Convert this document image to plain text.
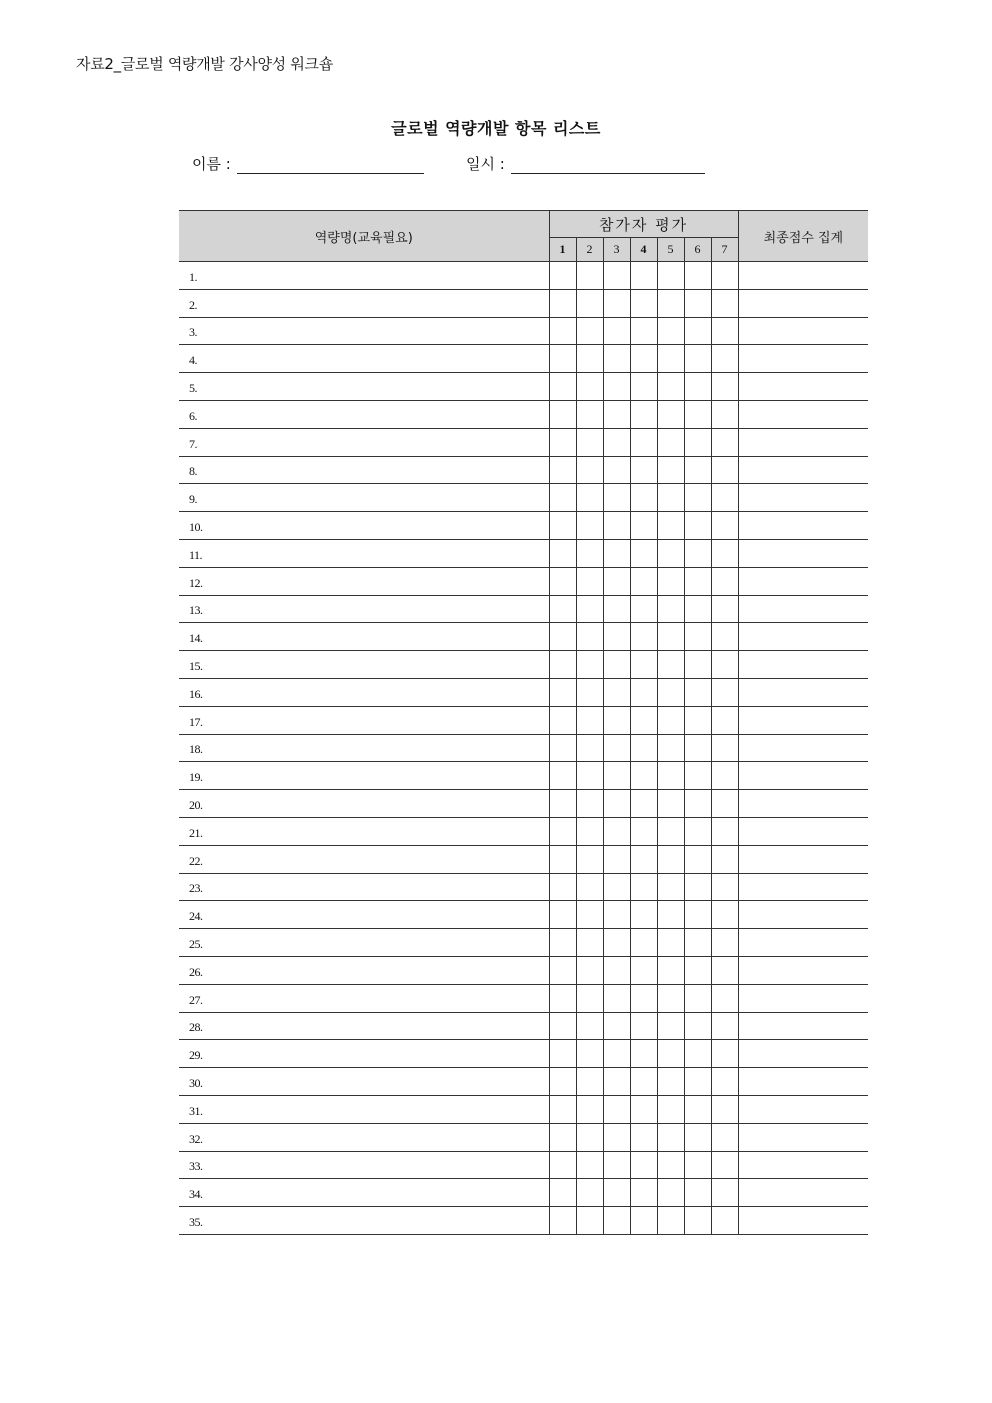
자료2_글로벌 역량개발 강사양성 워크숍
글로벌 역량개발 항목 리스트
이름 :	일시 :
역량명(교육필요)	참가자 평가							최종점수 집계
	1	2	3	4	5	6	7	
1.								
2.								
3.								
4.								
5.								
6.								
7.								
8.								
9.								
10.								
11.								
12.								
13.								
14.								
15.								
16.								
17.								
18.								
19.								
20.								
21.								
22.								
23.								
24.								
25.								
26.								
27.								
28.								
29.								
30.								
31.								
32.								
33.								
34.								
35.								
